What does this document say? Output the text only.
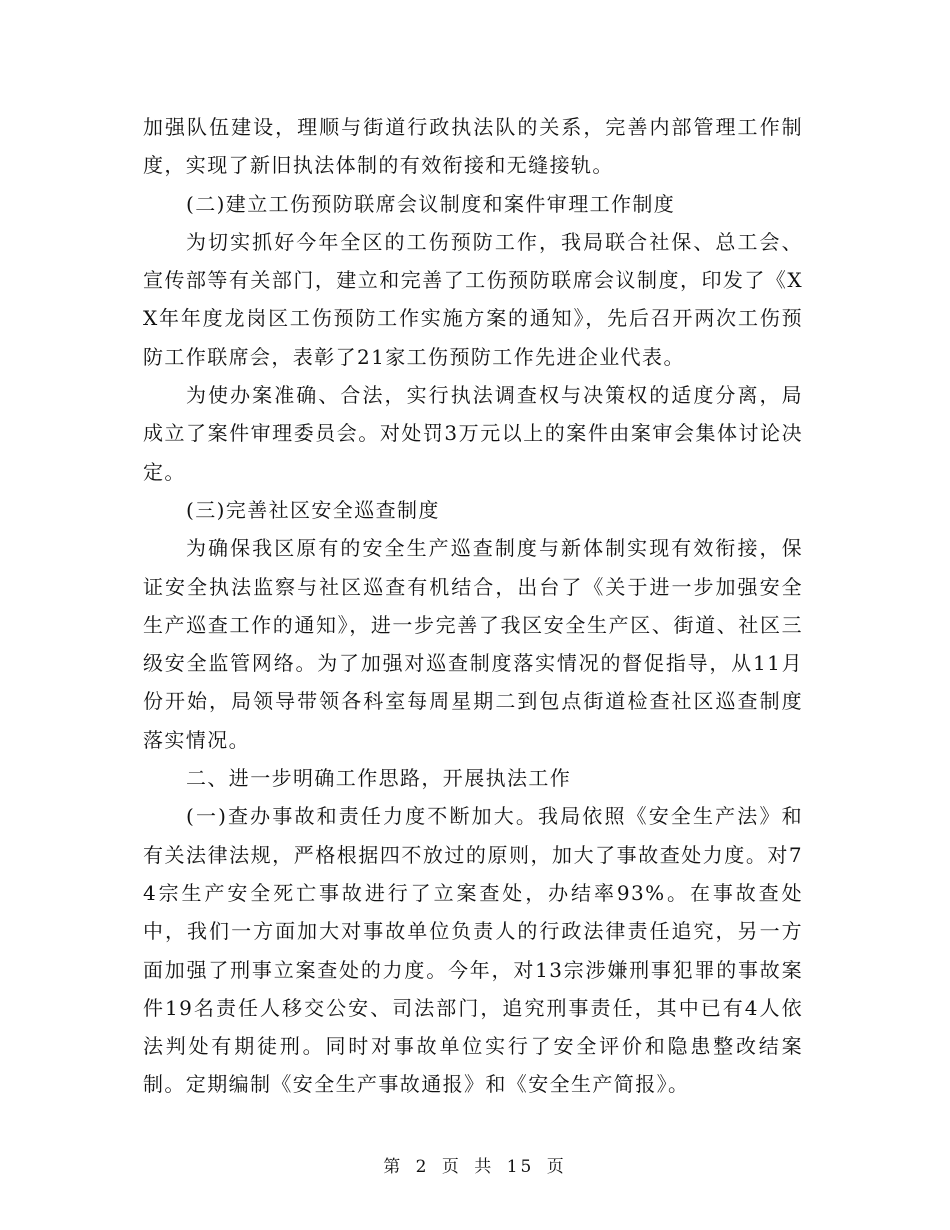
加强队伍建设，理顺与街道行政执法队的关系，完善内部管理工作制度，实现了新旧执法体制的有效衔接和无缝接轨。

(二)建立工伤预防联席会议制度和案件审理工作制度

为切实抓好今年全区的工伤预防工作，我局联合社保、总工会、宣传部等有关部门，建立和完善了工伤预防联席会议制度，印发了《XX年年度龙岗区工伤预防工作实施方案的通知》，先后召开两次工伤预防工作联席会，表彰了21家工伤预防工作先进企业代表。

为使办案准确、合法，实行执法调查权与决策权的适度分离，局成立了案件审理委员会。对处罚3万元以上的案件由案审会集体讨论决定。

(三)完善社区安全巡查制度

为确保我区原有的安全生产巡查制度与新体制实现有效衔接，保证安全执法监察与社区巡查有机结合，出台了《关于进一步加强安全生产巡查工作的通知》，进一步完善了我区安全生产区、街道、社区三级安全监管网络。为了加强对巡查制度落实情况的督促指导，从11月份开始，局领导带领各科室每周星期二到包点街道检查社区巡查制度落实情况。

二、进一步明确工作思路，开展执法工作

(一)查办事故和责任力度不断加大。我局依照《安全生产法》和有关法律法规，严格根据四不放过的原则，加大了事故查处力度。对74宗生产安全死亡事故进行了立案查处，办结率93%。在事故查处中，我们一方面加大对事故单位负责人的行政法律责任追究，另一方面加强了刑事立案查处的力度。今年，对13宗涉嫌刑事犯罪的事故案件19名责任人移交公安、司法部门，追究刑事责任，其中已有4人依法判处有期徒刑。同时对事故单位实行了安全评价和隐患整改结案制。定期编制《安全生产事故通报》和《安全生产简报》。

第 2 页 共 15 页
